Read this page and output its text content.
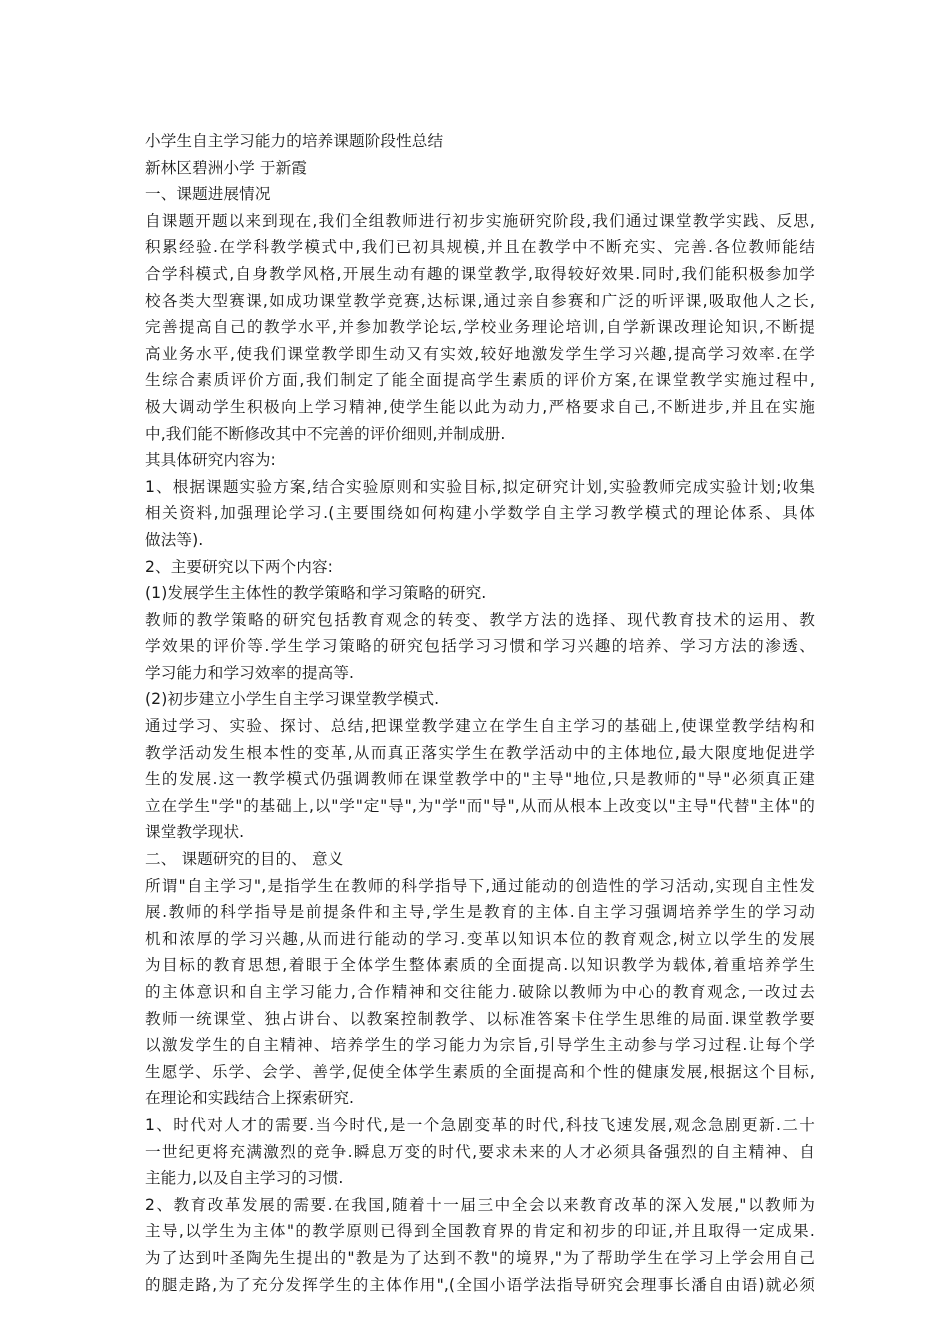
小学生自主学习能力的培养课题阶段性总结
新林区碧洲小学 于新霞
一、课题进展情况
自课题开题以来到现在,我们全组教师进行初步实施研究阶段,我们通过课堂教学实践、反思,
积累经验.在学科教学模式中,我们已初具规模,并且在教学中不断充实、完善.各位教师能结
合学科模式,自身教学风格,开展生动有趣的课堂教学,取得较好效果.同时,我们能积极参加学
校各类大型赛课,如成功课堂教学竞赛,达标课,通过亲自参赛和广泛的听评课,吸取他人之长,
完善提高自己的教学水平,并参加教学论坛,学校业务理论培训,自学新课改理论知识,不断提
高业务水平,使我们课堂教学即生动又有实效,较好地激发学生学习兴趣,提高学习效率.在学
生综合素质评价方面,我们制定了能全面提高学生素质的评价方案,在课堂教学实施过程中,
极大调动学生积极向上学习精神,使学生能以此为动力,严格要求自己,不断进步,并且在实施
中,我们能不断修改其中不完善的评价细则,并制成册.
其具体研究内容为:
1、根据课题实验方案,结合实验原则和实验目标,拟定研究计划,实验教师完成实验计划;收集
相关资料,加强理论学习.(主要围绕如何构建小学数学自主学习教学模式的理论体系、具体
做法等).
2、主要研究以下两个内容:
(1)发展学生主体性的教学策略和学习策略的研究.
教师的教学策略的研究包括教育观念的转变、教学方法的选择、现代教育技术的运用、教
学效果的评价等.学生学习策略的研究包括学习习惯和学习兴趣的培养、学习方法的渗透、
学习能力和学习效率的提高等.
(2)初步建立小学生自主学习课堂教学模式.
通过学习、实验、探讨、总结,把课堂教学建立在学生自主学习的基础上,使课堂教学结构和
教学活动发生根本性的变革,从而真正落实学生在教学活动中的主体地位,最大限度地促进学
生的发展.这一教学模式仍强调教师在课堂教学中的"主导"地位,只是教师的"导"必须真正建
立在学生"学"的基础上,以"学"定"导",为"学"而"导",从而从根本上改变以"主导"代替"主体"的
课堂教学现状.
二、 课题研究的目的、 意义
所谓"自主学习",是指学生在教师的科学指导下,通过能动的创造性的学习活动,实现自主性发
展.教师的科学指导是前提条件和主导,学生是教育的主体.自主学习强调培养学生的学习动
机和浓厚的学习兴趣,从而进行能动的学习.变革以知识本位的教育观念,树立以学生的发展
为目标的教育思想,着眼于全体学生整体素质的全面提高.以知识教学为载体,着重培养学生
的主体意识和自主学习能力,合作精神和交往能力.破除以教师为中心的教育观念,一改过去
教师一统课堂、独占讲台、以教案控制教学、以标准答案卡住学生思维的局面.课堂教学要
以激发学生的自主精神、培养学生的学习能力为宗旨,引导学生主动参与学习过程.让每个学
生愿学、乐学、会学、善学,促使全体学生素质的全面提高和个性的健康发展,根据这个目标,
在理论和实践结合上探索研究.
1、时代对人才的需要.当今时代,是一个急剧变革的时代,科技飞速发展,观念急剧更新.二十
一世纪更将充满激烈的竞争.瞬息万变的时代,要求未来的人才必须具备强烈的自主精神、自
主能力,以及自主学习的习惯.
2、教育改革发展的需要.在我国,随着十一届三中全会以来教育改革的深入发展,"以教师为
主导,以学生为主体"的教学原则已得到全国教育界的肯定和初步的印证,并且取得一定成果.
为了达到叶圣陶先生提出的"教是为了达到不教"的境界,"为了帮助学生在学习上学会用自己
的腿走路,为了充分发挥学生的主体作用",(全国小语学法指导研究会理事长潘自由语)就必须
